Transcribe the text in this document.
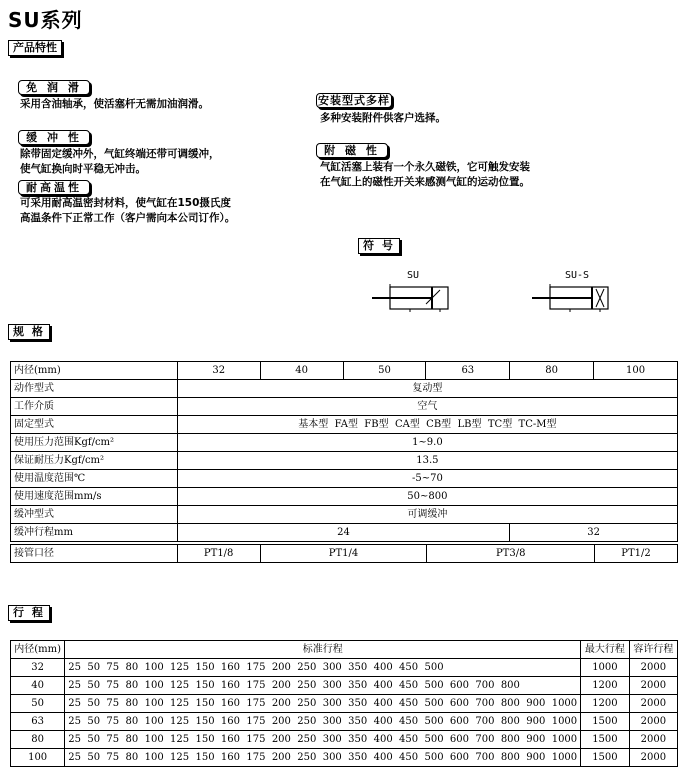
SU系列
产品特性
免 润 滑
采用含油轴承，使活塞杆无需加油润滑。
缓 冲 性
除带固定缓冲外，气缸终端还带可调缓冲，
使气缸换向时平稳无冲击。
耐高温性
可采用耐高温密封材料，使气缸在150摄氏度
高温条件下正常工作（客户需向本公司订作）。
安装型式多样
多种安装附件供客户选择。
附 磁 性
气缸活塞上装有一个永久磁铁，它可触发安装
在气缸上的磁性开关来感测气缸的运动位置。
符 号
SU	SU-S
规 格
内径(mm)	32	40	50	63	80	100
动作型式	复动型					
工作介质	空气					
固定型式	基本型  FA型  FB型  CA型  CB型  LB型  TC型  TC-M型					
使用压力范围Kgf/cm²	1~9.0					
保证耐压力Kgf/cm²	13.5					
使用温度范围℃	-5~70					
使用速度范围mm/s	50~800					
缓冲型式	可调缓冲					
缓冲行程mm	24				32	
接管口径	PT1/8	PT1/4	PT3/8	PT1/2
行 程
内径(mm)	标准行程	最大行程	容许行程
32	25  50  75  80  100  125  150  160  175  200  250  300  350  400  450  500	1000	2000
40	25  50  75  80  100  125  150  160  175  200  250  300  350  400  450  500  600  700  800	1200	2000
50	25  50  75  80  100  125  150  160  175  200  250  300  350  400  450  500  600  700  800  900  1000	1200	2000
63	25  50  75  80  100  125  150  160  175  200  250  300  350  400  450  500  600  700  800  900  1000	1500	2000
80	25  50  75  80  100  125  150  160  175  200  250  300  350  400  450  500  600  700  800  900  1000	1500	2000
100	25  50  75  80  100  125  150  160  175  200  250  300  350  400  450  500  600  700  800  900  1000	1500	2000
